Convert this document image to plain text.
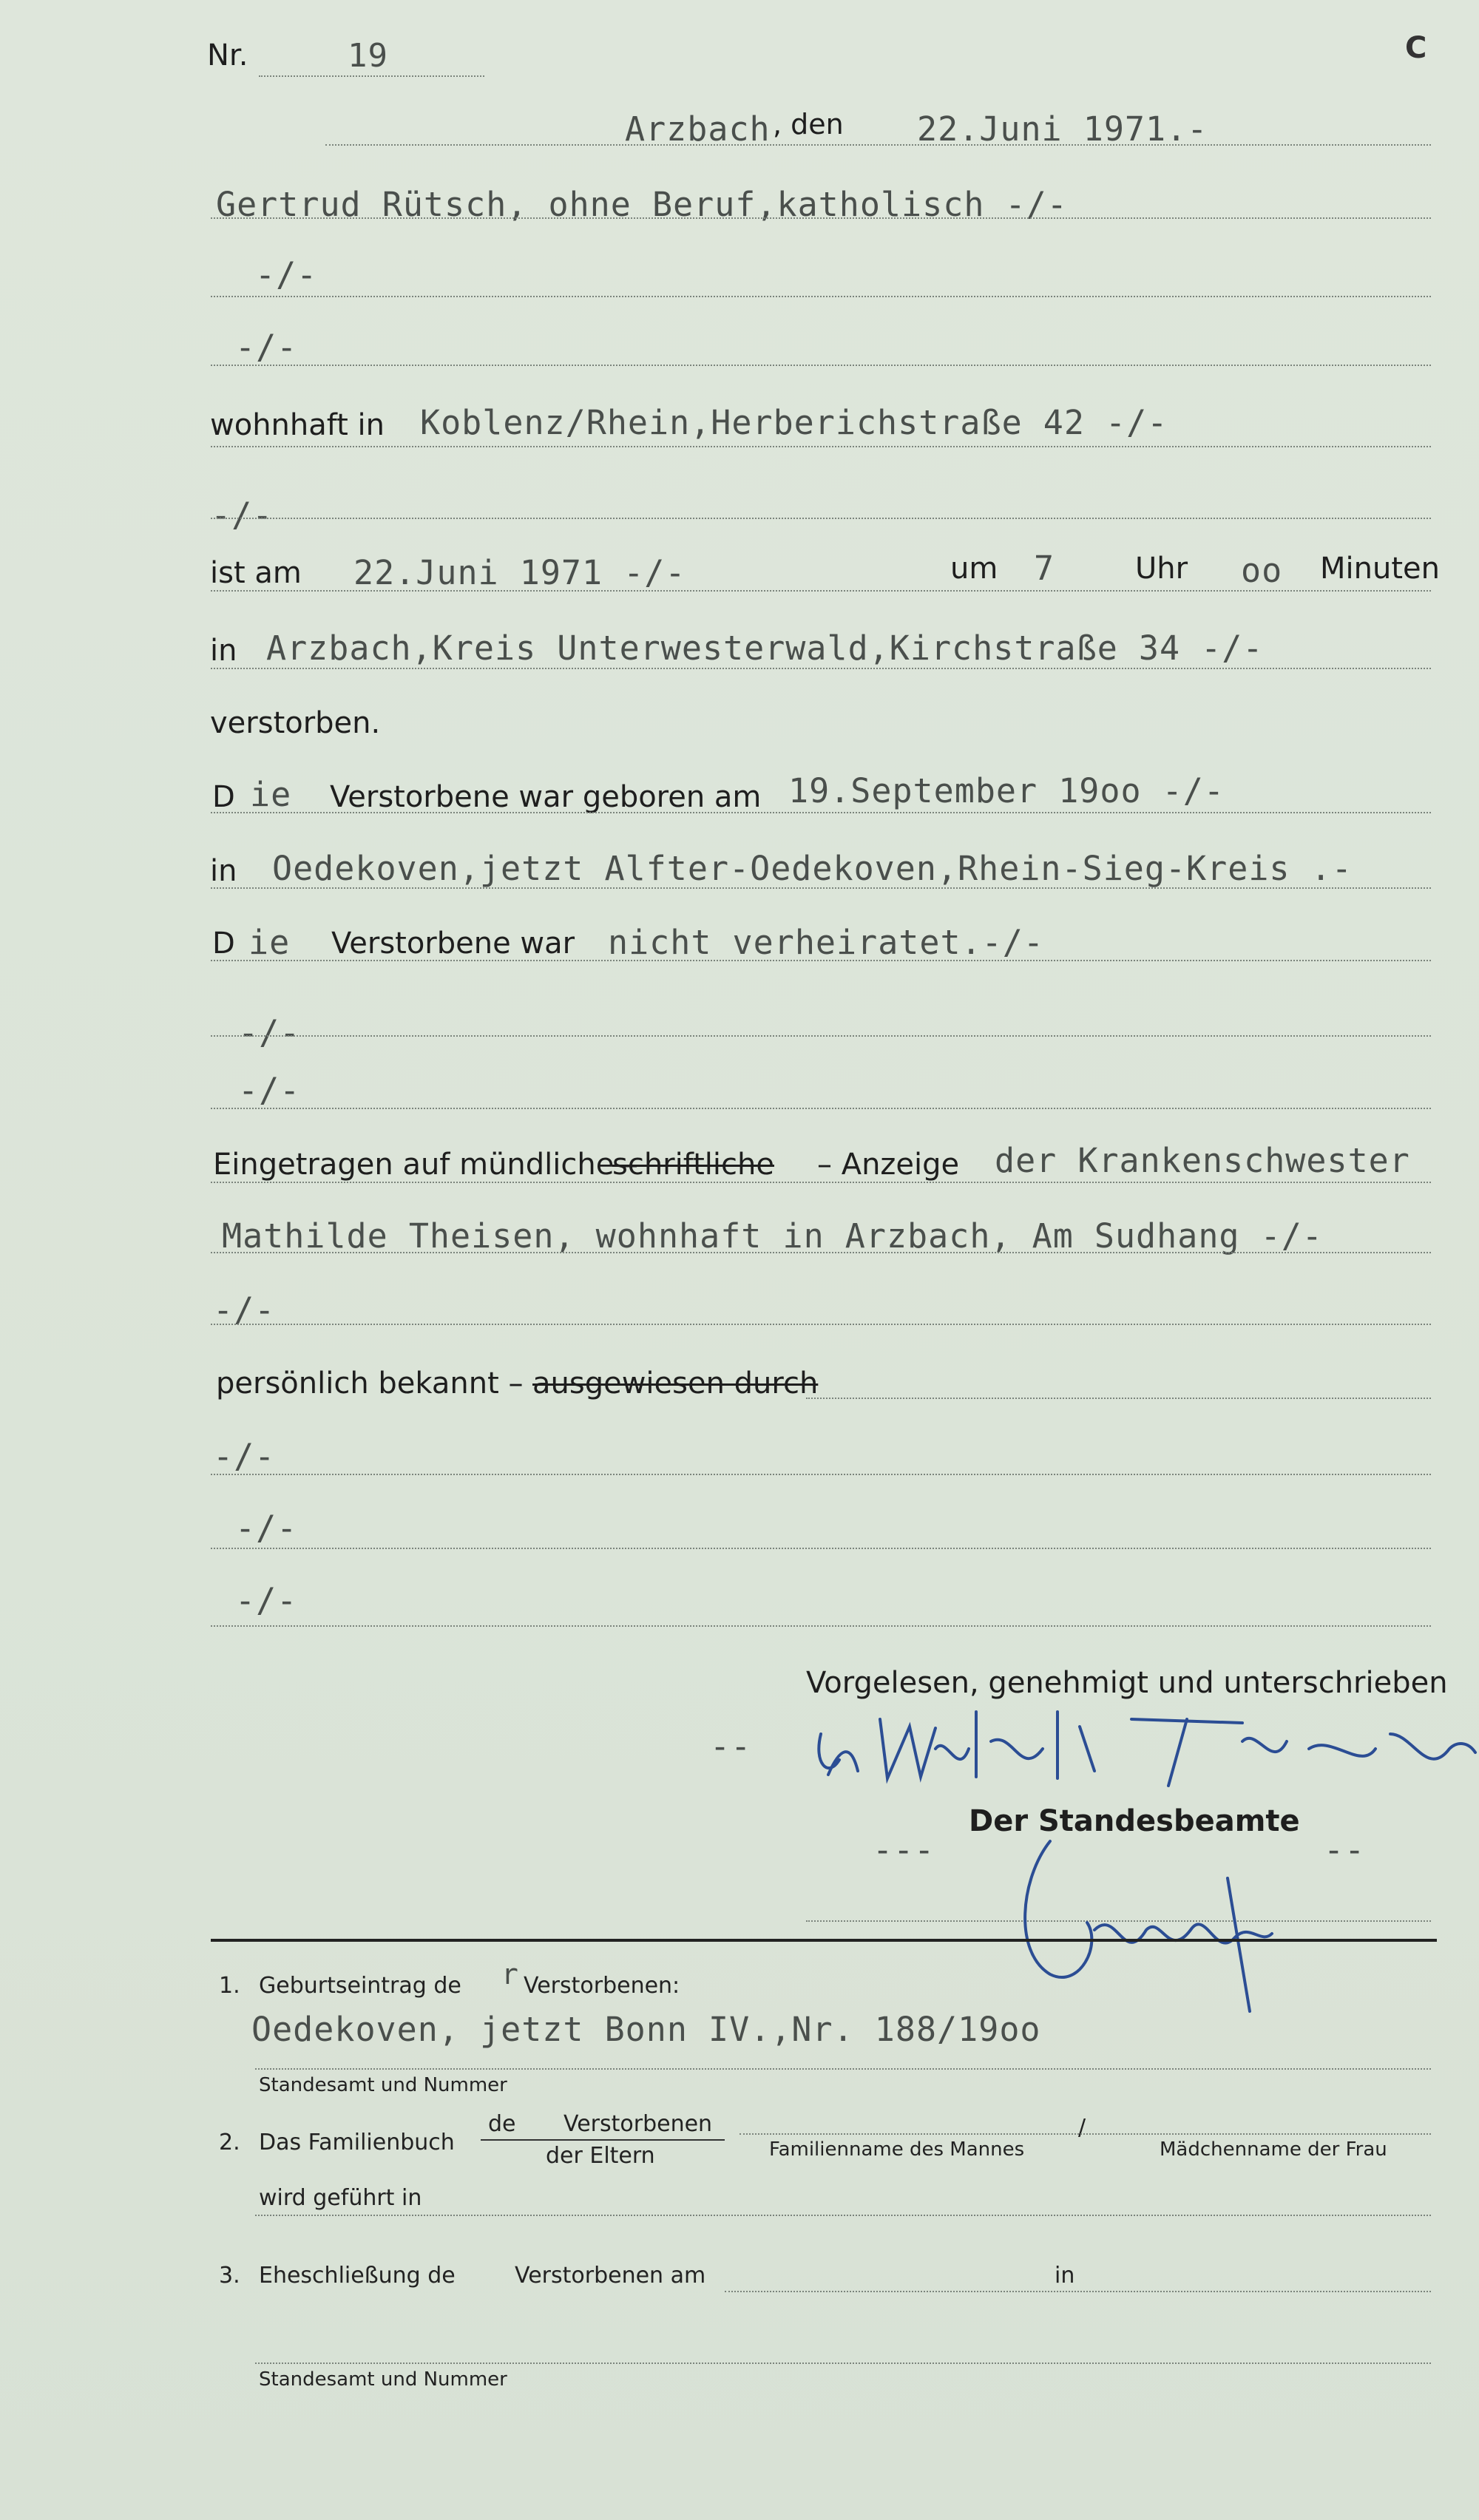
Nr.	19	C
Arzbach , den 22.Juni 1971.-
Gertrud Rütsch, ohne Beruf,katholisch -/-
-/-
-/-
wohnhaft in Koblenz/Rhein,Herberichstraße 42 -/-
-/-
ist am 22.Juni 1971 -/-	um 7	Uhr oo Minuten
in Arzbach,Kreis Unterwesterwald,Kirchstraße 34 -/-
verstorben.
D ie Verstorbene war geboren am 19.September 19oo -/-
in Oedekoven,jetzt Alfter-Oedekoven,Rhein-Sieg-Kreis .-
D ie Verstorbene war nicht verheiratet.-/-
-/-
-/-
Eingetragen auf mündliche –
schriftliche – Anzeige der Krankenschwester
Mathilde Theisen, wohnhaft in Arzbach, Am Sudhang -/-
-/-
persönlich bekannt – ausgewiesen durch
-/-
-/-
-/-
Vorgelesen, genehmigt und unterschrieben
--
Der Standesbeamte
---	--
1. Geburtseintrag de r Verstorbenen:
Oedekoven, jetzt Bonn IV.,Nr. 188/19oo
Standesamt und Nummer
2. Das Familienbuch
de Verstorbenen
der Eltern	Familienname des Mannes
/
Mädchenname der Frau
wird geführt in
3. Eheschließung de	Verstorbenen am	in
Standesamt und Nummer
